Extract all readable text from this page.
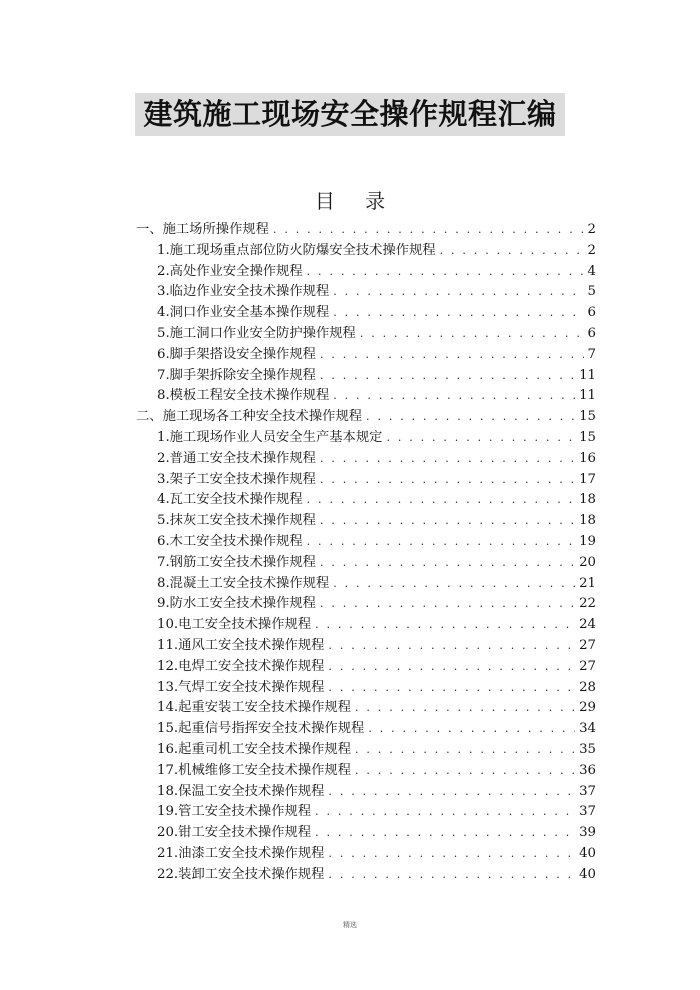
建筑施工现场安全操作规程汇编
目 录
一、施工场所操作规程 . . .	2
1.施工现场重点部位防火防爆安全技术操作规程 . . .	2
2.高处作业安全操作规程 . . .	4
3.临边作业安全技术操作规程 . . .	5
4.洞口作业安全基本操作规程 . . .	6
5.施工洞口作业安全防护操作规程 . . .	6
6.脚手架搭设安全操作规程 . . .	7
7.脚手架拆除安全操作规程 . . .	11
8.模板工程安全技术操作规程 . . .	11
二、施工现场各工种安全技术操作规程 . . .	15
1.施工现场作业人员安全生产基本规定 . . .	15
2.普通工安全技术操作规程 . . .	16
3.架子工安全技术操作规程 . . .	17
4.瓦工安全技术操作规程 . . .	18
5.抹灰工安全技术操作规程 . . .	18
6.木工安全技术操作规程 . . .	19
7.钢筋工安全技术操作规程 . . .	20
8.混凝土工安全技术操作规程 . . .	21
9.防水工安全技术操作规程 . . .	22
10.电工安全技术操作规程 . . .	24
11.通风工安全技术操作规程 . . .	27
12.电焊工安全技术操作规程 . . .	27
13.气焊工安全技术操作规程 . . .	28
14.起重安装工安全技术操作规程 . . .	29
15.起重信号指挥安全技术操作规程 . . .	34
16.起重司机工安全技术操作规程 . . .	35
17.机械维修工安全技术操作规程 . . .	36
18.保温工安全技术操作规程 . . .	37
19.管工安全技术操作规程 . . .	37
20.钳工安全技术操作规程 . . .	39
21.油漆工安全技术操作规程 . . .	40
22.装卸工安全技术操作规程 . . .	40
精选
